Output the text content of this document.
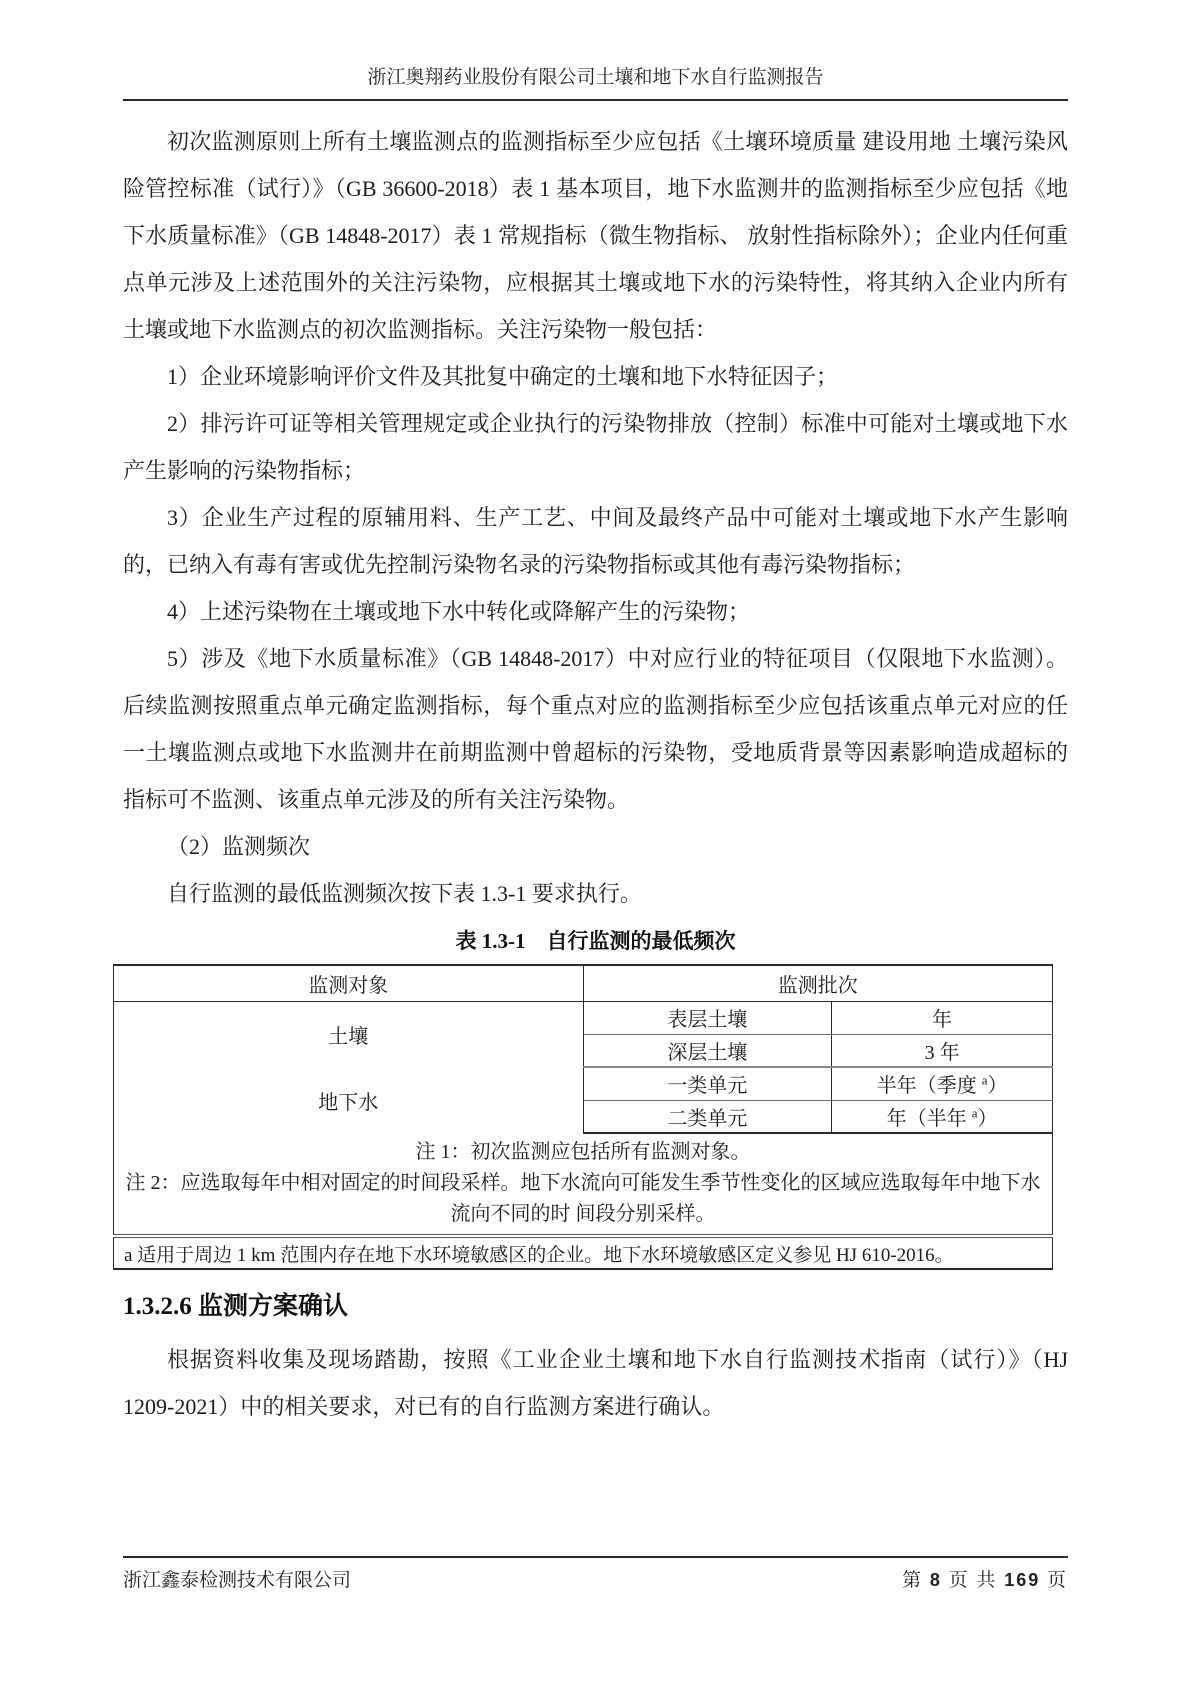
浙江奥翔药业股份有限公司土壤和地下水自行监测报告

初次监测原则上所有土壤监测点的监测指标至少应包括《土壤环境质量 建设用地 土壤污染风险管控标准（试行）》（GB 36600-2018）表 1 基本项目，地下水监测井的监测指标至少应包括《地下水质量标准》（GB 14848-2017）表 1 常规指标（微生物指标、 放射性指标除外）；企业内任何重点单元涉及上述范围外的关注污染物，应根据其土壤或地下水的污染特性，将其纳入企业内所有土壤或地下水监测点的初次监测指标。关注污染物一般包括：

1）企业环境影响评价文件及其批复中确定的土壤和地下水特征因子；

2）排污许可证等相关管理规定或企业执行的污染物排放（控制）标准中可能对土壤或地下水产生影响的污染物指标；

3）企业生产过程的原辅用料、生产工艺、中间及最终产品中可能对土壤或地下水产生影响的，已纳入有毒有害或优先控制污染物名录的污染物指标或其他有毒污染物指标；

4）上述污染物在土壤或地下水中转化或降解产生的污染物；

5）涉及《地下水质量标准》（GB 14848-2017）中对应行业的特征项目（仅限地下水监测）。后续监测按照重点单元确定监测指标，每个重点对应的监测指标至少应包括该重点单元对应的任一土壤监测点或地下水监测井在前期监测中曾超标的污染物，受地质背景等因素影响造成超标的指标可不监测、该重点单元涉及的所有关注污染物。

（2）监测频次

自行监测的最低监测频次按下表 1.3-1 要求执行。

表 1.3-1　自行监测的最低频次
监测对象	监测批次	
土壤	表层土壤	年
	深层土壤	3 年
地下水	一类单元	半年（季度 $^a$）
	二类单元	年（半年 $^a$）

注 1：初次监测应包括所有监测对象。
注 2：应选取每年中相对固定的时间段采样。地下水流向可能发生季节性变化的区域应选取每年中地下水流向不同的时 间段分别采样。		

a 适用于周边 1 km 范围内存在地下水环境敏感区的企业。地下水环境敏感区定义参见 HJ 610-2016。		
1.3.2.6 监测方案确认

根据资料收集及现场踏勘，按照《工业企业土壤和地下水自行监测技术指南（试行）》（HJ 1209-2021）中的相关要求，对已有的自行监测方案进行确认。

浙江鑫泰检测技术有限公司	第 8 页 共 169 页
